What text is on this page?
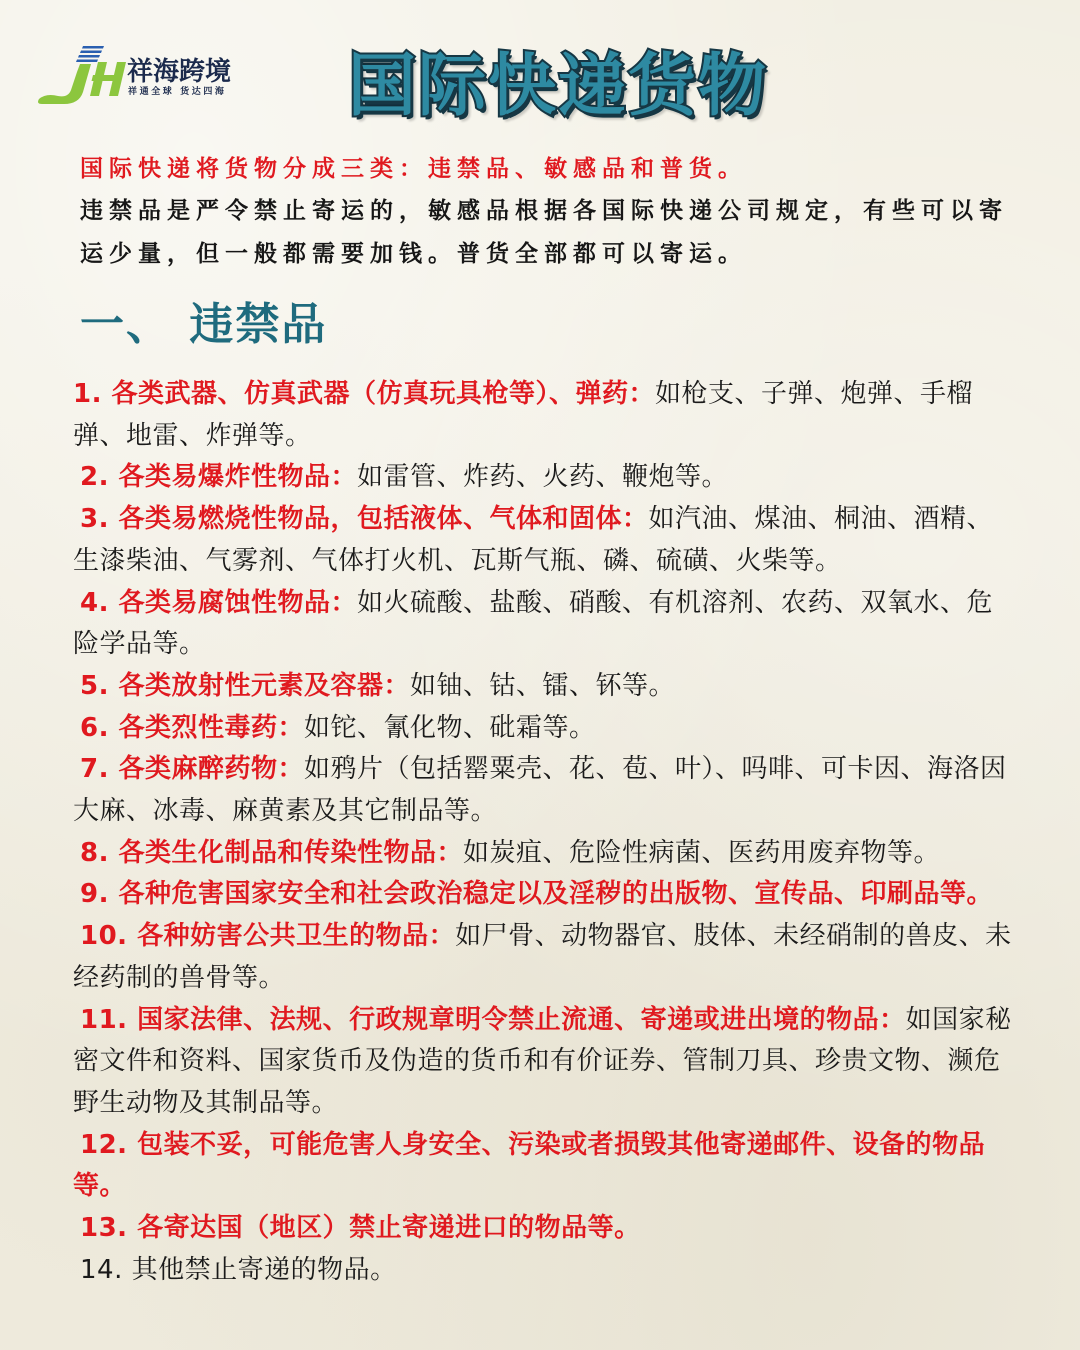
祥海跨境
祥通全球 货达四海 国际快递货物
国际快递将货物分成三类：违禁品、敏感品和普货。
违禁品是严令禁止寄运的，敏感品根据各国际快递公司规定，有些可以寄运少量，但一般都需要加钱。普货全部都可以寄运。
一、 违禁品
1. 各类武器、仿真武器（仿真玩具枪等）、弹药：如枪支、子弹、炮弹、手榴弹、地雷、炸弹等。
2. 各类易爆炸性物品：如雷管、炸药、火药、鞭炮等。
3. 各类易燃烧性物品，包括液体、气体和固体：如汽油、煤油、桐油、酒精、生漆柴油、气雾剂、气体打火机、瓦斯气瓶、磷、硫磺、火柴等。
4. 各类易腐蚀性物品：如火硫酸、盐酸、硝酸、有机溶剂、农药、双氧水、危险学品等。
5. 各类放射性元素及容器：如铀、钴、镭、钚等。
6. 各类烈性毒药：如铊、氰化物、砒霜等。
7. 各类麻醉药物：如鸦片（包括罂粟壳、花、苞、叶）、吗啡、可卡因、海洛因大麻、冰毒、麻黄素及其它制品等。
8. 各类生化制品和传染性物品：如炭疽、危险性病菌、医药用废弃物等。
9. 各种危害国家安全和社会政治稳定以及淫秽的出版物、宣传品、印刷品等。
10. 各种妨害公共卫生的物品：如尸骨、动物器官、肢体、未经硝制的兽皮、未经药制的兽骨等。
11. 国家法律、法规、行政规章明令禁止流通、寄递或进出境的物品：如国家秘密文件和资料、国家货币及伪造的货币和有价证券、管制刀具、珍贵文物、濒危野生动物及其制品等。
12. 包装不妥，可能危害人身安全、污染或者损毁其他寄递邮件、设备的物品等。
13. 各寄达国（地区）禁止寄递进口的物品等。
14. 其他禁止寄递的物品。
